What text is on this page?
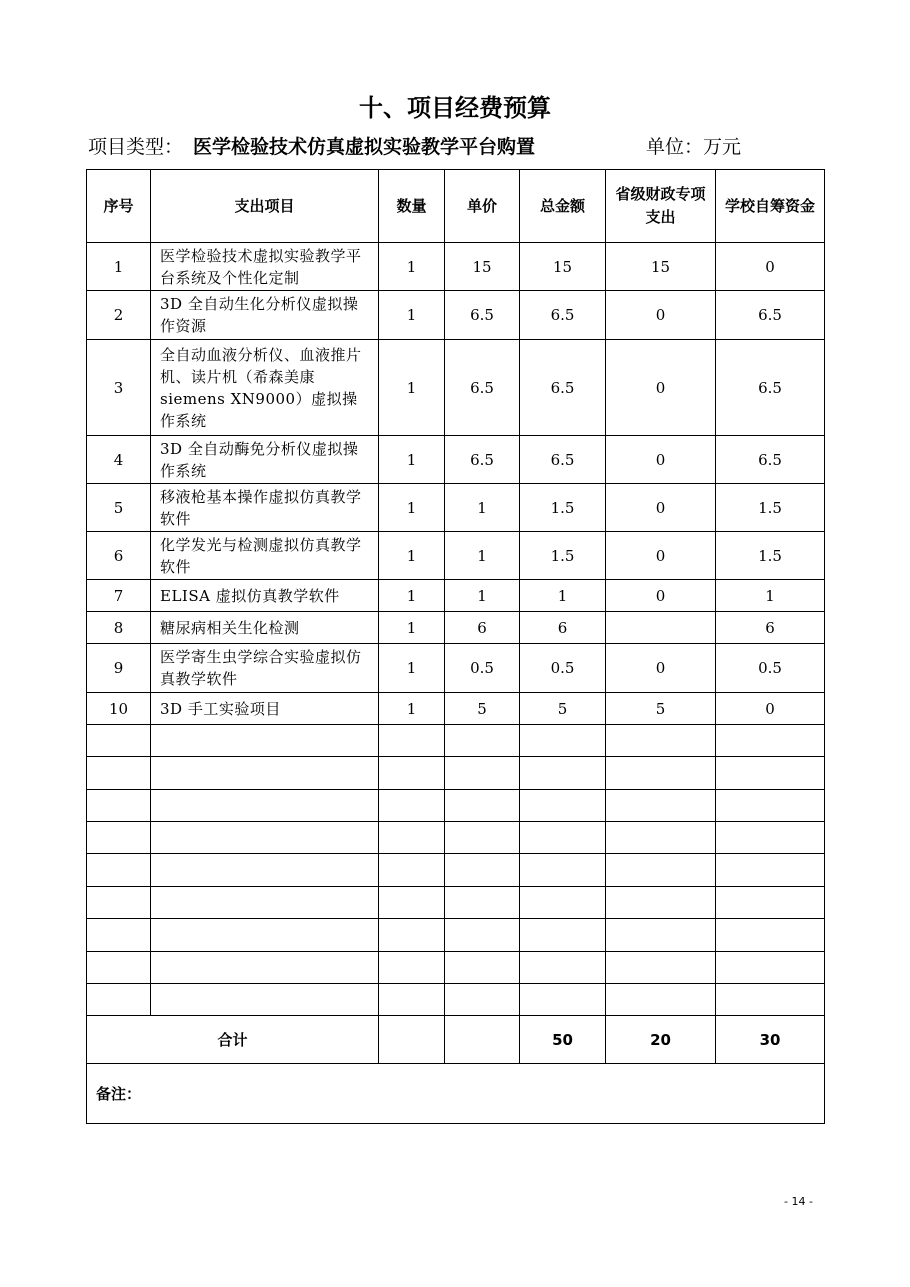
十、项目经费预算
项目类型： 医学检验技术仿真虚拟实验教学平台购置	单位：万元
序号	支出项目	数量	单价	总金额	省级财政专项支出	学校自筹资金
1	医学检验技术虚拟实验教学平台系统及个性化定制	1	15	15	15	0
2	3D 全自动生化分析仪虚拟操作资源	1	6.5	6.5	0	6.5
3	全自动血液分析仪、血液推片机、读片机（希森美康siemens XN9000）虚拟操作系统	1	6.5	6.5	0	6.5
4	3D 全自动酶免分析仪虚拟操作系统	1	6.5	6.5	0	6.5
5	移液枪基本操作虚拟仿真教学软件	1	1	1.5	0	1.5
6	化学发光与检测虚拟仿真教学软件	1	1	1.5	0	1.5
7	ELISA 虚拟仿真教学软件	1	1	1	0	1
8	糖尿病相关生化检测	1	6	6		6
9	医学寄生虫学综合实验虚拟仿真教学软件	1	0.5	0.5	0	0.5
10	3D 手工实验项目	1	5	5	5	0

合计				50	20	30
备注：						
- 14 -
